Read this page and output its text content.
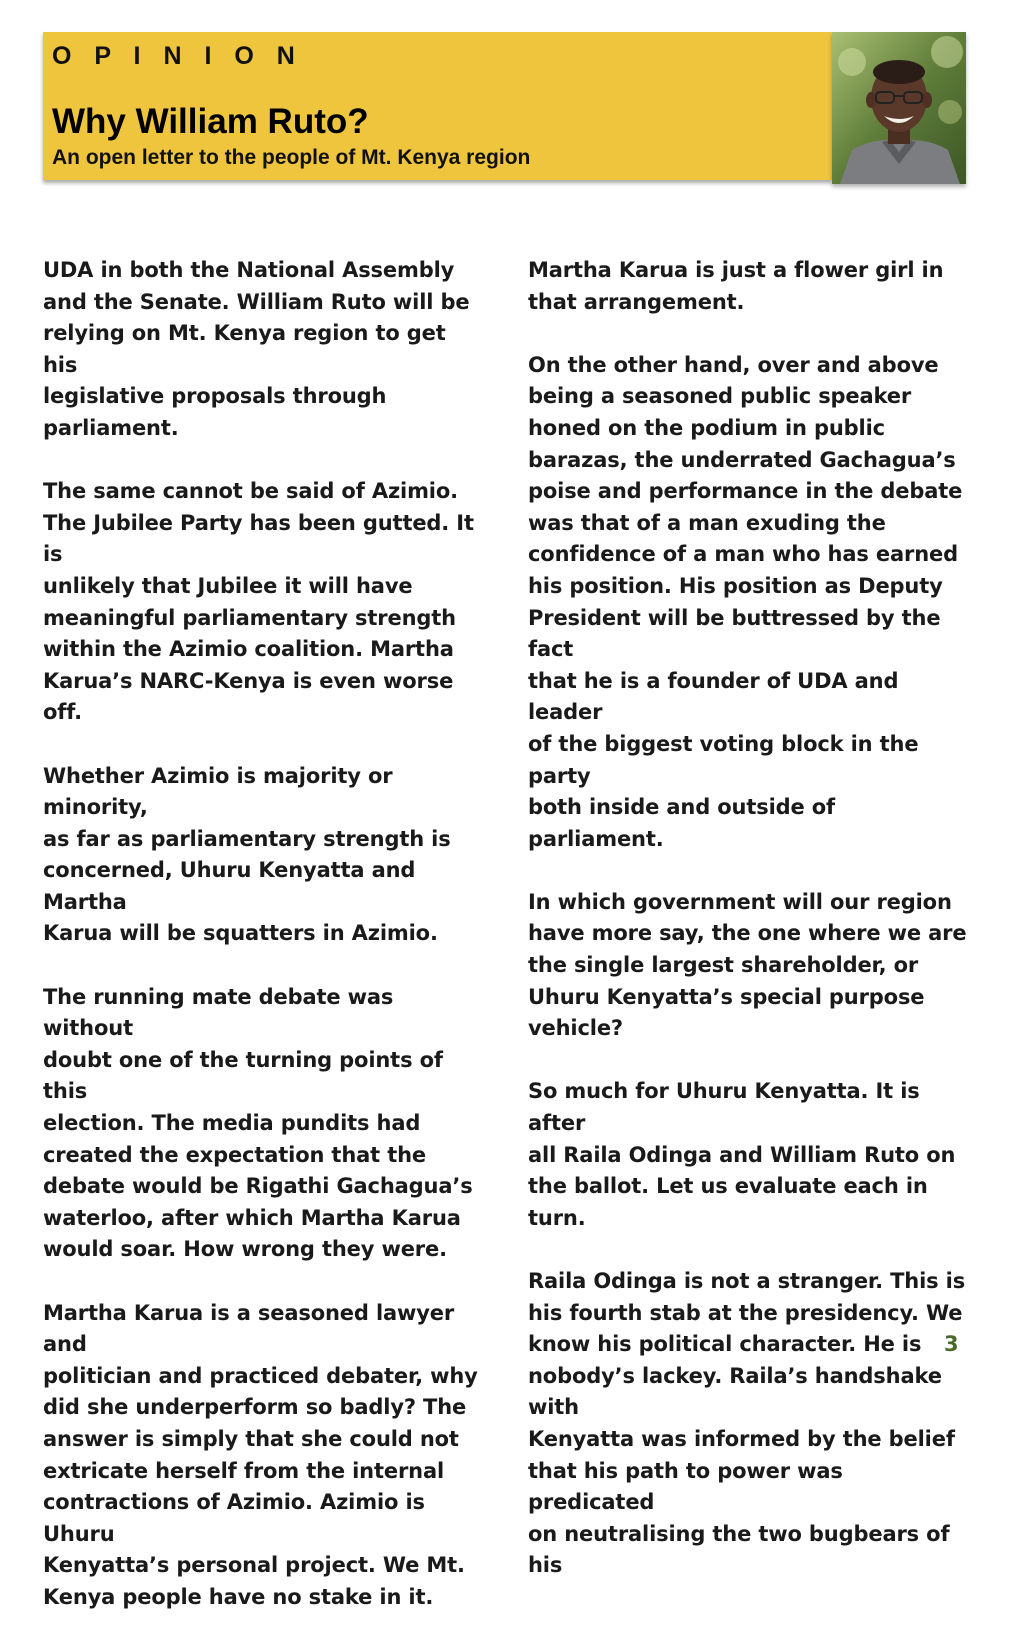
O P I N I O N

Why William Ruto?

An open letter to the people of Mt. Kenya region

UDA in both the National Assembly
and the Senate. William Ruto will be
relying on Mt. Kenya region to get his
legislative proposals through
parliament.

The same cannot be said of Azimio.
The Jubilee Party has been gutted. It is
unlikely that Jubilee it will have
meaningful parliamentary strength
within the Azimio coalition. Martha
Karua’s NARC-Kenya is even worse off.

Whether Azimio is majority or minority,
as far as parliamentary strength is
concerned, Uhuru Kenyatta and Martha
Karua will be squatters in Azimio.

The running mate debate was without
doubt one of the turning points of this
election. The media pundits had
created the expectation that the
debate would be Rigathi Gachagua’s
waterloo, after which Martha Karua
would soar. How wrong they were.

Martha Karua is a seasoned lawyer and
politician and practiced debater, why
did she underperform so badly? The
answer is simply that she could not
extricate herself from the internal
contractions of Azimio. Azimio is Uhuru
Kenyatta’s personal project. We Mt.
Kenya people have no stake in it.

Martha Karua is just a flower girl in
that arrangement.

On the other hand, over and above
being a seasoned public speaker
honed on the podium in public
barazas, the underrated Gachagua’s
poise and performance in the debate
was that of a man exuding the
confidence of a man who has earned
his position. His position as Deputy
President will be buttressed by the fact
that he is a founder of UDA and leader
of the biggest voting block in the party
both inside and outside of parliament.

In which government will our region
have more say, the one where we are
the single largest shareholder, or
Uhuru Kenyatta’s special purpose
vehicle?

So much for Uhuru Kenyatta. It is after
all Raila Odinga and William Ruto on
the ballot. Let us evaluate each in
turn.

Raila Odinga is not a stranger. This is
his fourth stab at the presidency. We
know his political character. He is
nobody’s lackey. Raila’s handshake with
Kenyatta was informed by the belief
that his path to power was predicated
on neutralising the two bugbears of his

3
